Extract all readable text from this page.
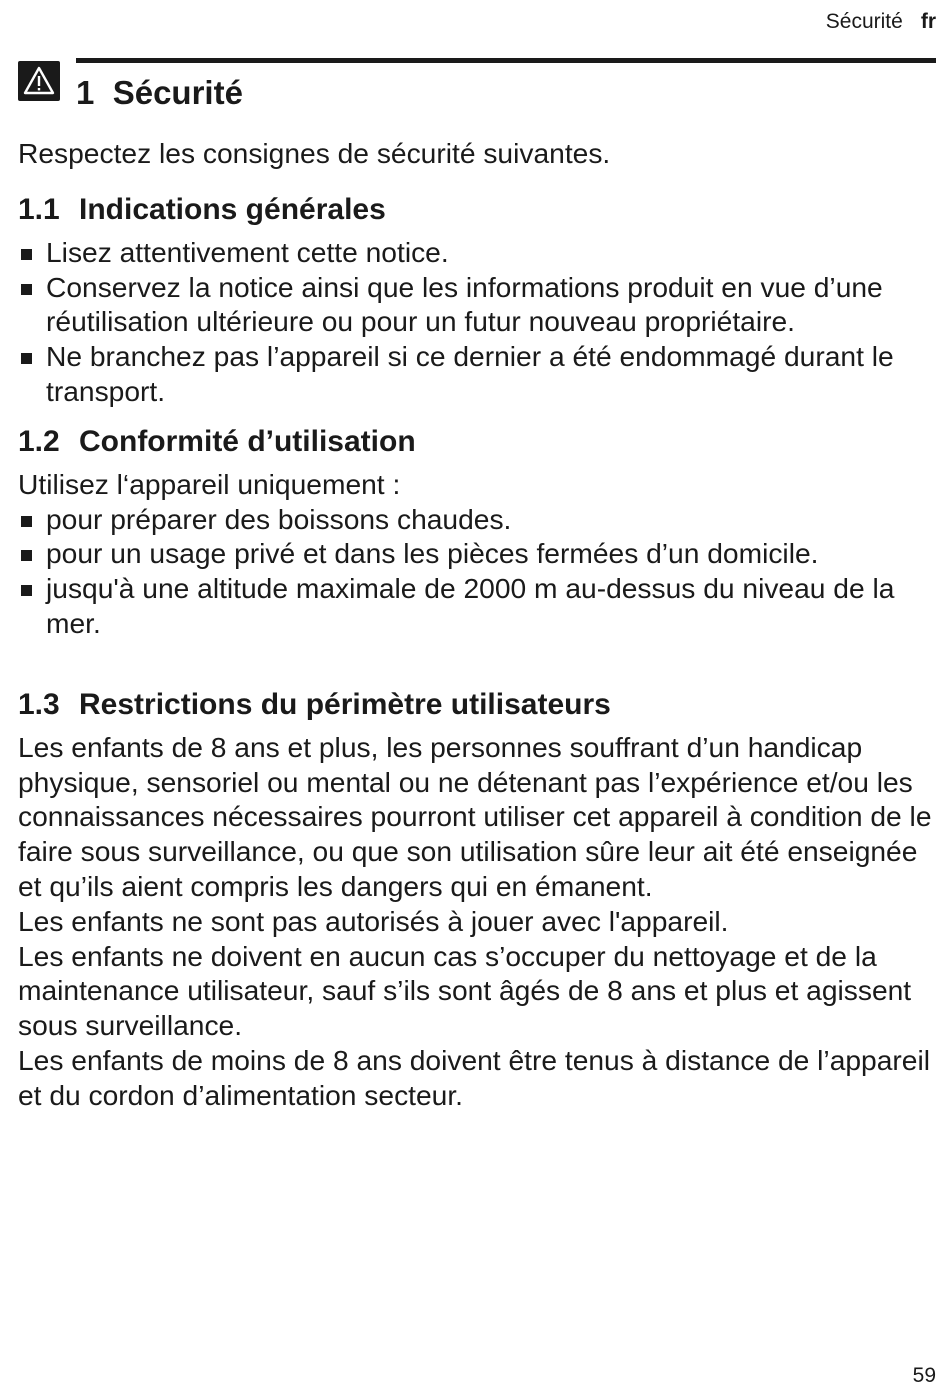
Sécurité fr
1 Sécurité

Respectez les consignes de sécurité suivantes.

1.1 Indications générales
Lisez attentivement cette notice.
Conservez la notice ainsi que les informations produit en vue d’une réutilisation ultérieure ou pour un futur nouveau propriétaire.
Ne branchez pas l’appareil si ce dernier a été endommagé durant le transport.
1.2 Conformité d’utilisation

Utilisez l‘appareil uniquement :

pour préparer des boissons chaudes.
pour un usage privé et dans les pièces fermées d’un domicile.
jusqu'à une altitude maximale de 2000 m au-dessus du niveau de la mer.
1.3 Restrictions du périmètre utilisateurs

Les enfants de 8 ans et plus, les personnes souffrant d’un handicap physique, sensoriel ou mental ou ne détenant pas l’expérience et/ou les connaissances nécessaires pourront utiliser cet appareil à condition de le faire sous surveillance, ou que son utilisation sûre leur ait été enseignée et qu’ils aient compris les dangers qui en émanent.

Les enfants ne sont pas autorisés à jouer avec l'appareil.

Les enfants ne doivent en aucun cas s’occuper du nettoyage et de la maintenance utilisateur, sauf s’ils sont âgés de 8 ans et plus et agissent sous surveillance.

Les enfants de moins de 8 ans doivent être tenus à distance de l’appareil et du cordon d’alimentation secteur.

59
